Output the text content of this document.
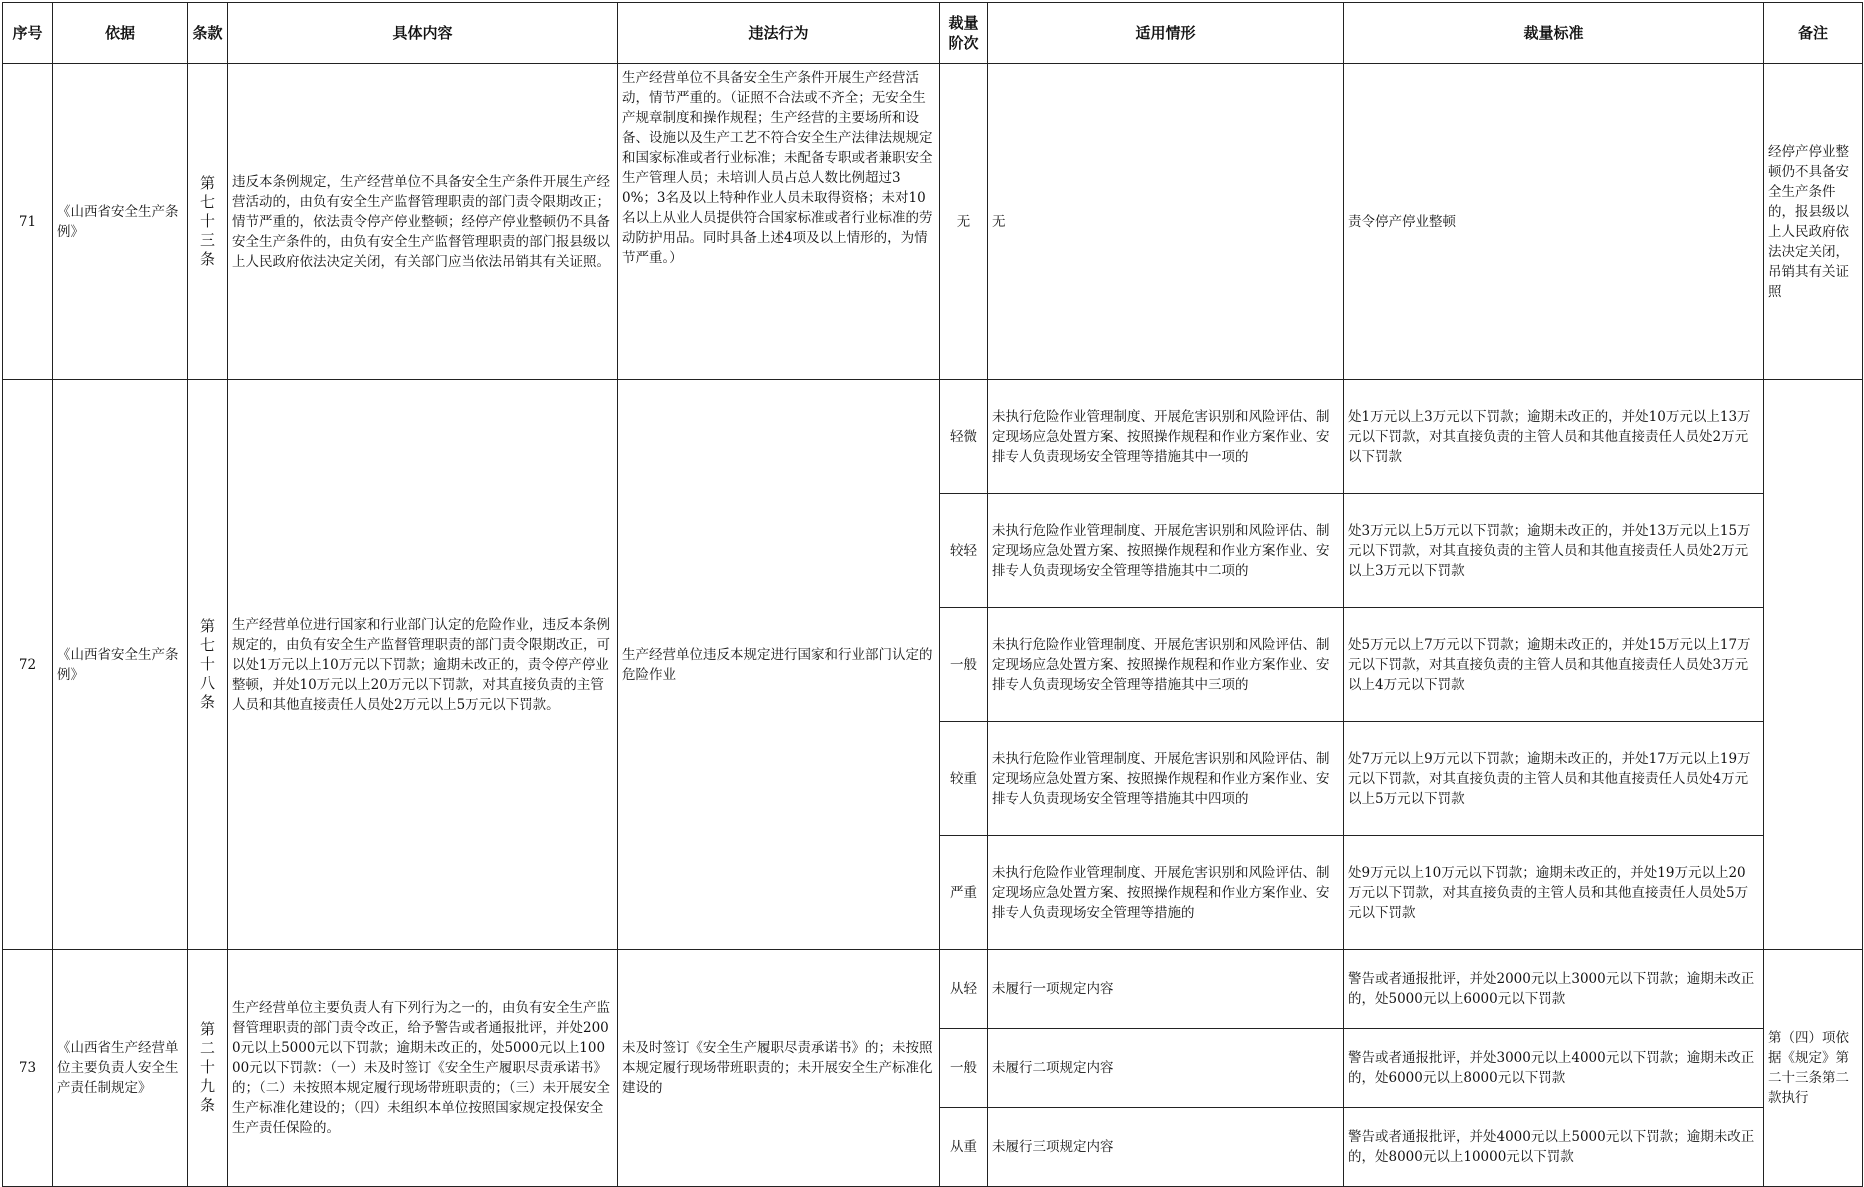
序号	依据	条款	具体内容	违法行为	裁量阶次	适用情形	裁量标准	备注
71	《山西省安全生产条例》	第七十三条	违反本条例规定，生产经营单位不具备安全生产条件开展生产经营活动的，由负有安全生产监督管理职责的部门责令限期改正；情节严重的，依法责令停产停业整顿；经停产停业整顿仍不具备安全生产条件的，由负有安全生产监督管理职责的部门报县级以上人民政府依法决定关闭，有关部门应当依法吊销其有关证照。	生产经营单位不具备安全生产条件开展生产经营活动，情节严重的。（证照不合法或不齐全；无安全生产规章制度和操作规程；生产经营的主要场所和设备、设施以及生产工艺不符合安全生产法律法规规定和国家标准或者行业标准；未配备专职或者兼职安全生产管理人员；未培训人员占总人数比例超过30%；3名及以上特种作业人员未取得资格；未对10名以上从业人员提供符合国家标准或者行业标准的劳动防护用品。同时具备上述4项及以上情形的，为情节严重。）	无	无	责令停产停业整顿	经停产停业整顿仍不具备安全生产条件的，报县级以上人民政府依法决定关闭，吊销其有关证照
72	《山西省安全生产条例》	第七十八条	生产经营单位进行国家和行业部门认定的危险作业，违反本条例规定的，由负有安全生产监督管理职责的部门责令限期改正，可以处1万元以上10万元以下罚款；逾期未改正的，责令停产停业整顿，并处10万元以上20万元以下罚款，对其直接负责的主管人员和其他直接责任人员处2万元以上5万元以下罚款。	生产经营单位违反本规定进行国家和行业部门认定的危险作业	轻微	未执行危险作业管理制度、开展危害识别和风险评估、制定现场应急处置方案、按照操作规程和作业方案作业、安排专人负责现场安全管理等措施其中一项的	处1万元以上3万元以下罚款；逾期未改正的，并处10万元以上13万元以下罚款，对其直接负责的主管人员和其他直接责任人员处2万元以下罚款	
					较轻	未执行危险作业管理制度、开展危害识别和风险评估、制定现场应急处置方案、按照操作规程和作业方案作业、安排专人负责现场安全管理等措施其中二项的	处3万元以上5万元以下罚款；逾期未改正的，并处13万元以上15万元以下罚款，对其直接负责的主管人员和其他直接责任人员处2万元以上3万元以下罚款	
					一般	未执行危险作业管理制度、开展危害识别和风险评估、制定现场应急处置方案、按照操作规程和作业方案作业、安排专人负责现场安全管理等措施其中三项的	处5万元以上7万元以下罚款；逾期未改正的，并处15万元以上17万元以下罚款，对其直接负责的主管人员和其他直接责任人员处3万元以上4万元以下罚款	
					较重	未执行危险作业管理制度、开展危害识别和风险评估、制定现场应急处置方案、按照操作规程和作业方案作业、安排专人负责现场安全管理等措施其中四项的	处7万元以上9万元以下罚款；逾期未改正的，并处17万元以上19万元以下罚款，对其直接负责的主管人员和其他直接责任人员处4万元以上5万元以下罚款	
					严重	未执行危险作业管理制度、开展危害识别和风险评估、制定现场应急处置方案、按照操作规程和作业方案作业、安排专人负责现场安全管理等措施的	处9万元以上10万元以下罚款；逾期未改正的，并处19万元以上20万元以下罚款，对其直接负责的主管人员和其他直接责任人员处5万元以下罚款	
73	《山西省生产经营单位主要负责人安全生产责任制规定》	第二十九条	生产经营单位主要负责人有下列行为之一的，由负有安全生产监督管理职责的部门责令改正，给予警告或者通报批评，并处2000元以上5000元以下罚款；逾期未改正的，处5000元以上10000元以下罚款：（一）未及时签订《安全生产履职尽责承诺书》的；（二）未按照本规定履行现场带班职责的；（三）未开展安全生产标准化建设的；（四）未组织本单位按照国家规定投保安全生产责任保险的。	未及时签订《安全生产履职尽责承诺书》的；未按照本规定履行现场带班职责的；未开展安全生产标准化建设的	从轻	未履行一项规定内容	警告或者通报批评，并处2000元以上3000元以下罚款；逾期未改正的，处5000元以上6000元以下罚款	第（四）项依据《规定》第二十三条第二款执行
					一般	未履行二项规定内容	警告或者通报批评，并处3000元以上4000元以下罚款；逾期未改正的，处6000元以上8000元以下罚款	
					从重	未履行三项规定内容	警告或者通报批评，并处4000元以上5000元以下罚款；逾期未改正的，处8000元以上10000元以下罚款	
